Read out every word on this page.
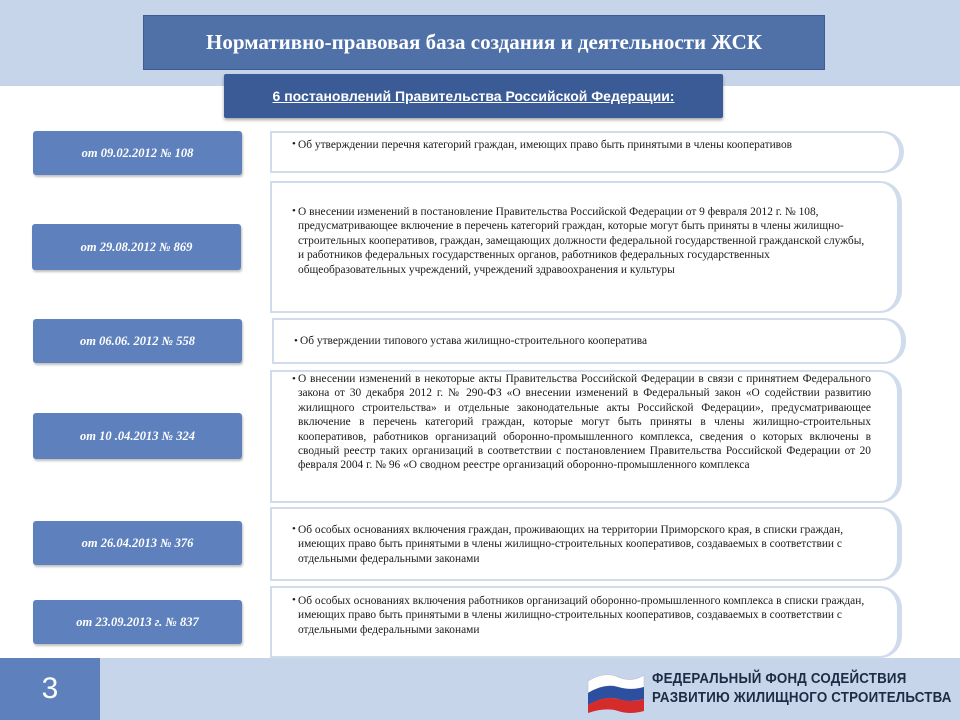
Нормативно-правовая база создания и деятельности ЖСК
6 постановлений Правительства Российской Федерации:
от 09.02.2012 № 108
• Об утверждении перечня категорий граждан, имеющих право быть принятыми в члены кооперативов
от 29.08.2012 № 869
• О внесении изменений в постановление Правительства Российской Федерации от 9 февраля 2012 г. № 108, предусматривающее включение в перечень категорий граждан, которые могут быть приняты в члены жилищно-строительных кооперативов, граждан, замещающих должности федеральной государственной гражданской службы, и работников федеральных государственных органов, работников федеральных государственных общеобразовательных учреждений, учреждений здравоохранения и культуры
от 06.06. 2012 № 558	• Об утверждении типового устава жилищно-строительного кооператива
от 10 .04.2013 № 324
• О внесении изменений в некоторые акты Правительства Российской Федерации в связи с принятием Федерального закона от 30 декабря 2012 г. № 290-ФЗ «О внесении изменений в Федеральный закон «О содействии развитию жилищного строительства» и отдельные законодательные акты Российской Федерации», предусматривающее включение в перечень категорий граждан, которые могут быть приняты в члены жилищно-строительных кооперативов, работников организаций оборонно-промышленного комплекса, сведения о которых включены в сводный реестр таких организаций в соответствии с постановлением Правительства Российской Федерации от 20 февраля 2004 г. № 96 «О сводном реестре организаций оборонно-промышленного комплекса
от 26.04.2013 № 376
• Об особых основаниях включения граждан, проживающих на территории Приморского края, в списки граждан, имеющих право быть принятыми в члены жилищно-строительных кооперативов, создаваемых в соответствии с отдельными федеральными законами
от 23.09.2013 г. № 837
• Об особых основаниях включения работников организаций оборонно-промышленного комплекса в списки граждан, имеющих право быть принятыми в члены жилищно-строительных кооперативов, создаваемых в соответствии с отдельными федеральными законами
3	ФЕДЕРАЛЬНЫЙ ФОНД СОДЕЙСТВИЯ
РАЗВИТИЮ ЖИЛИЩНОГО СТРОИТЕЛЬСТВА
